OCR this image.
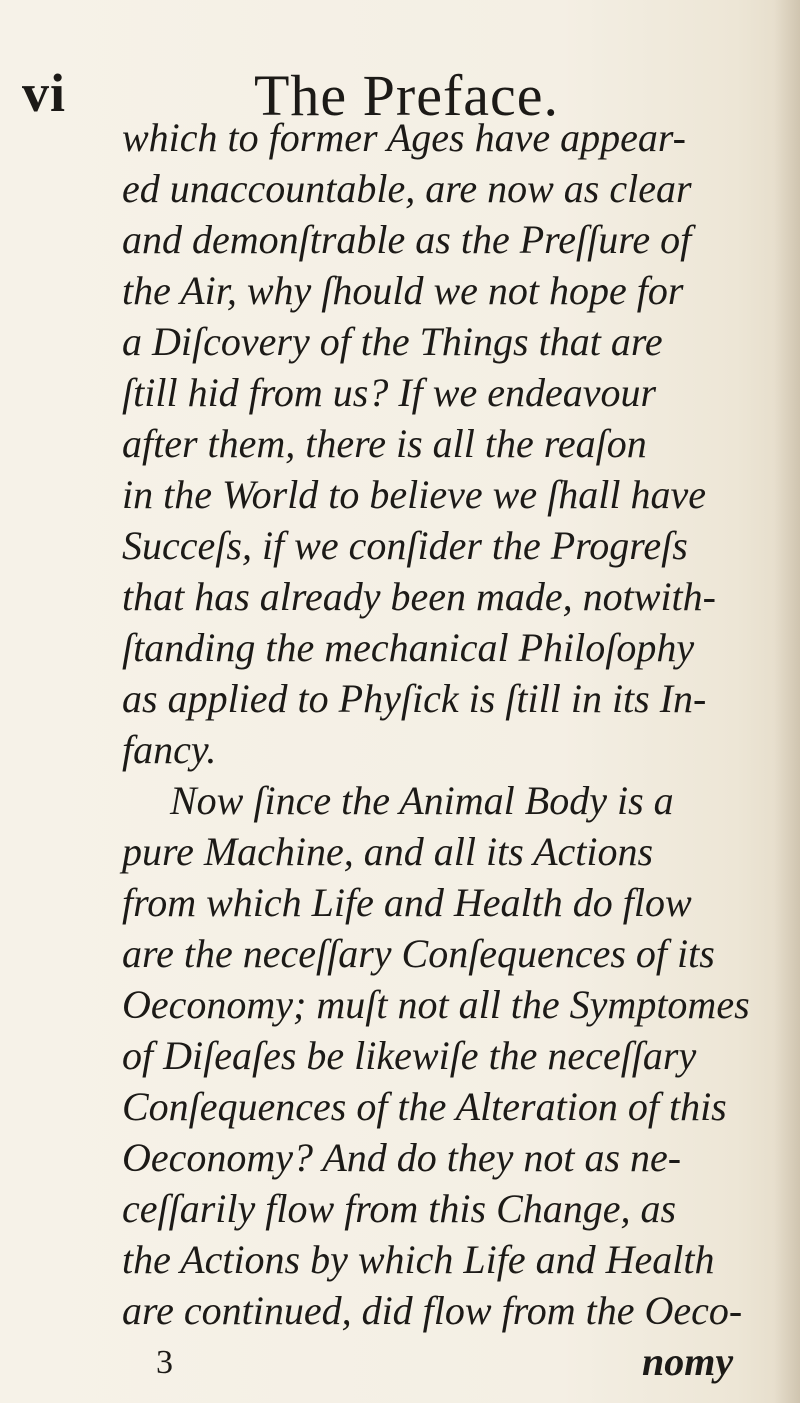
vi	The Preface.
which to former Ages have appear-
ed unaccountable, are now as clear
and demonſtrable as the Preſſure of
the Air, why ſhould we not hope for
a Diſcovery of the Things that are
ſtill hid from us? If we endeavour
after them, there is all the reaſon
in the World to believe we ſhall have
Succeſs, if we conſider the Progreſs
that has already been made, notwith-
ſtanding the mechanical Philoſophy
as applied to Phyſick is ſtill in its In-
fancy.
Now ſince the Animal Body is a
pure Machine, and all its Actions
from which Life and Health do flow
are the neceſſary Conſequences of its
Oeconomy; muſt not all the Symptomes
of Diſeaſes be likewiſe the neceſſary
Conſequences of the Alteration of this
Oeconomy? And do they not as ne-
ceſſarily flow from this Change, as
the Actions by which Life and Health
are continued, did flow from the Oeco-
3	nomy
